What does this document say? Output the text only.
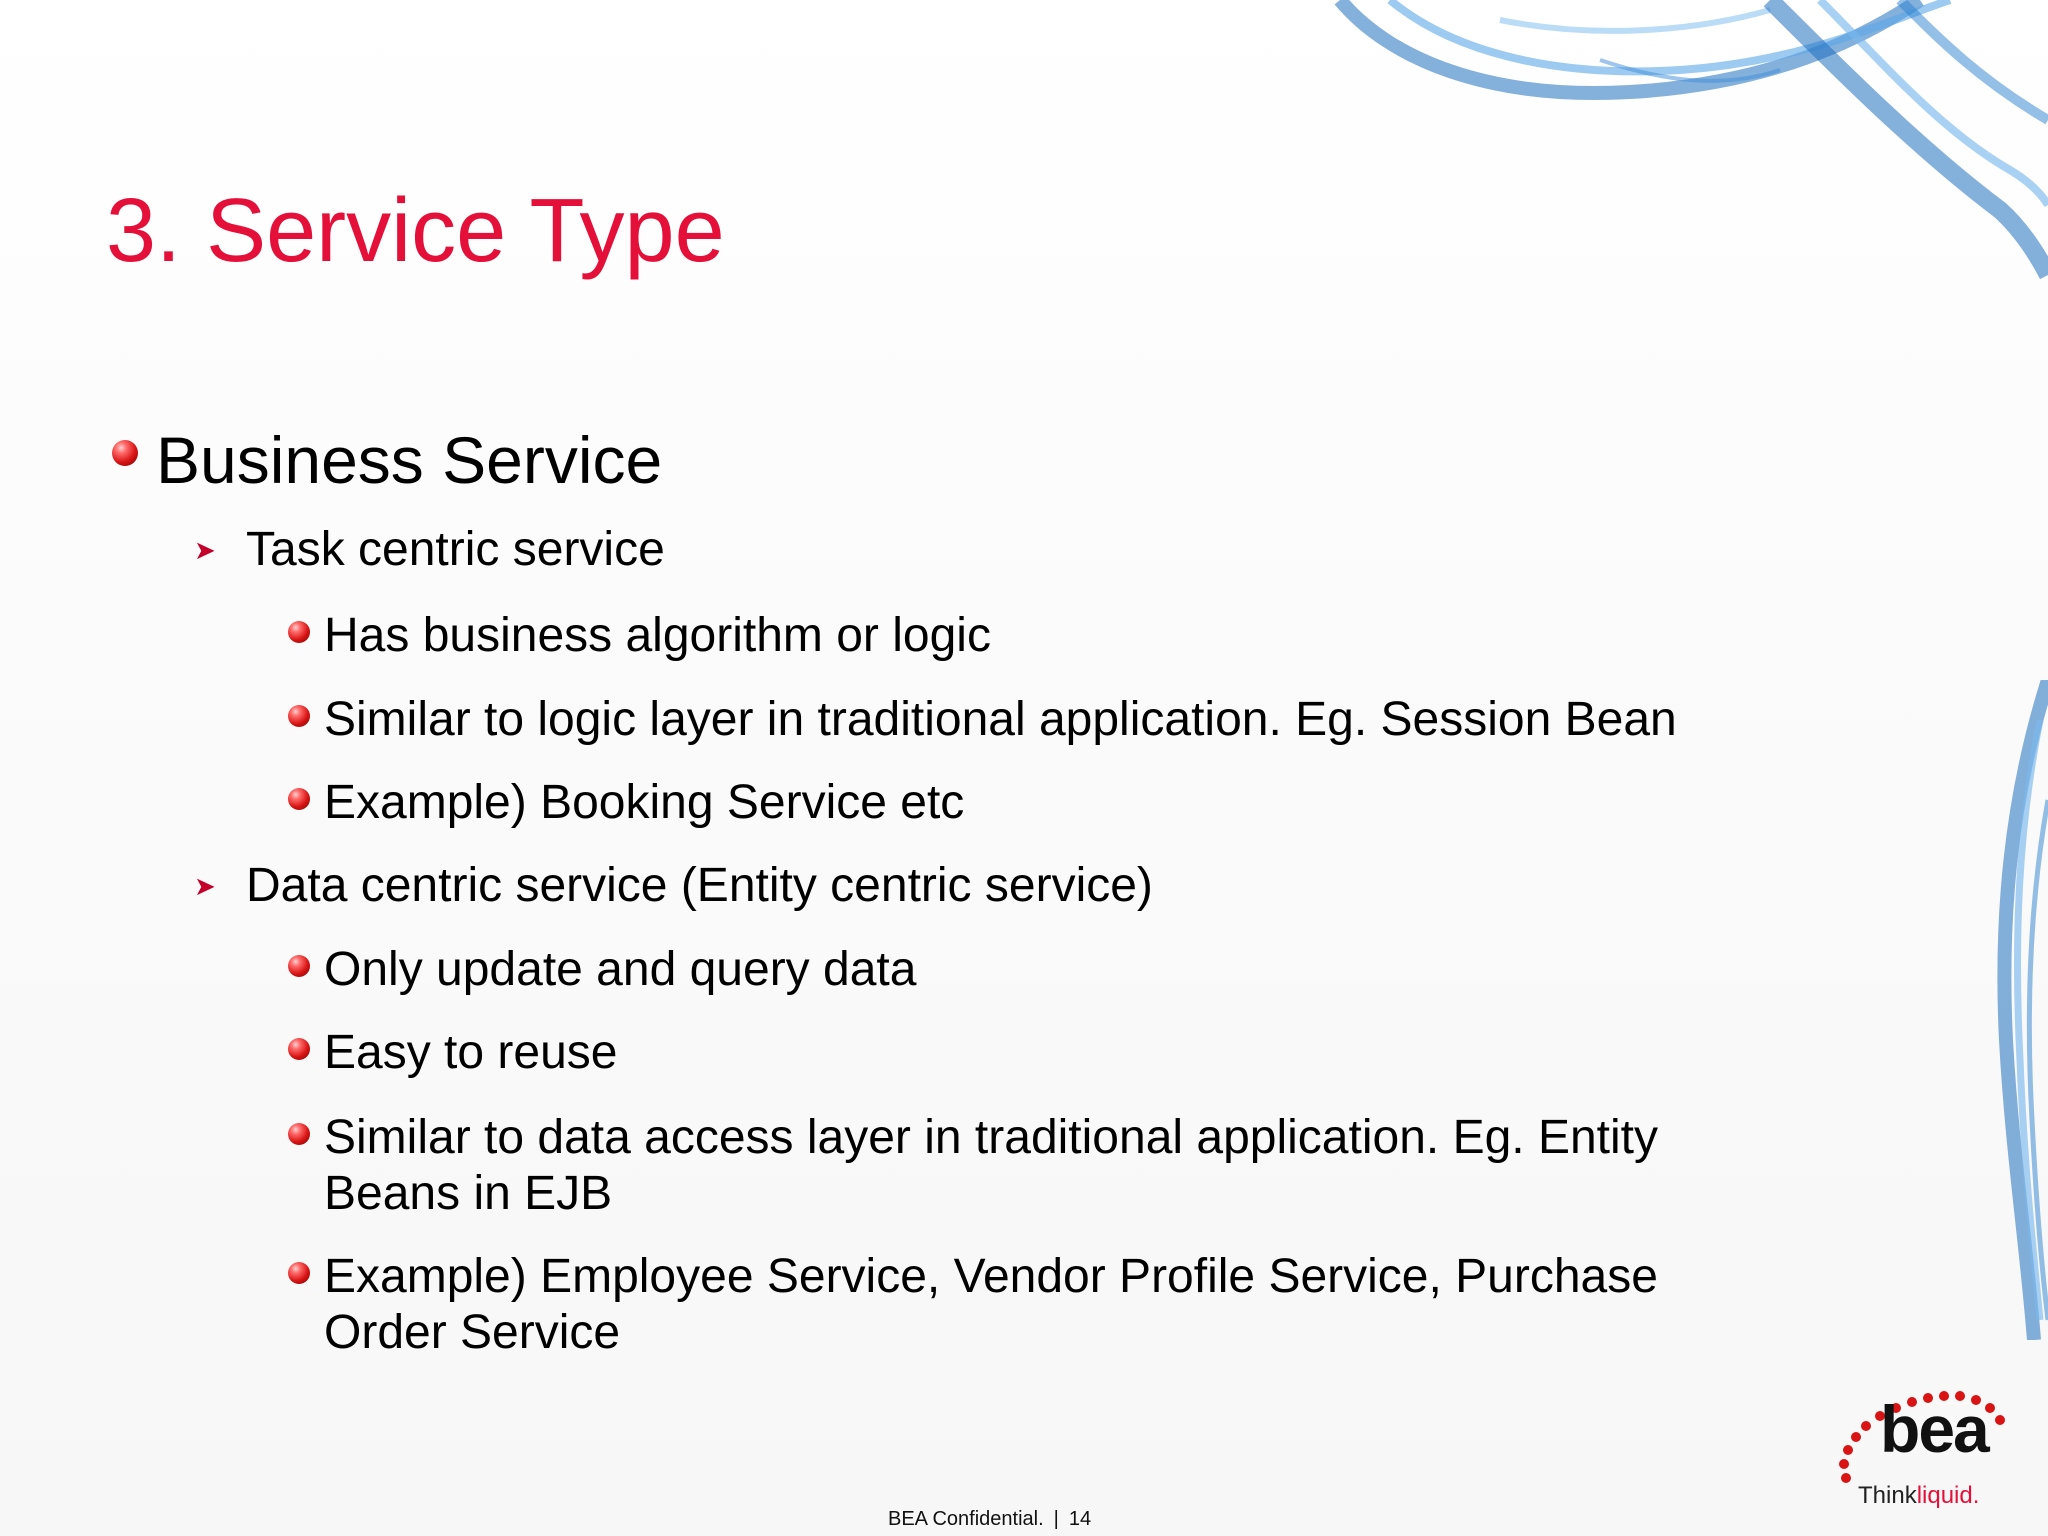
3. Service Type
Business Service
➤ Task centric service
Has business algorithm or logic
Similar to logic layer in traditional application. Eg. Session Bean
Example) Booking Service etc
➤ Data centric service (Entity centric service)
Only update and query data
Easy to reuse
Similar to data access layer in traditional application. Eg. Entity Beans in EJB
Example) Employee Service, Vendor Profile Service, Purchase Order Service
bea
Thinkliquid.
BEA Confidential. | 14
